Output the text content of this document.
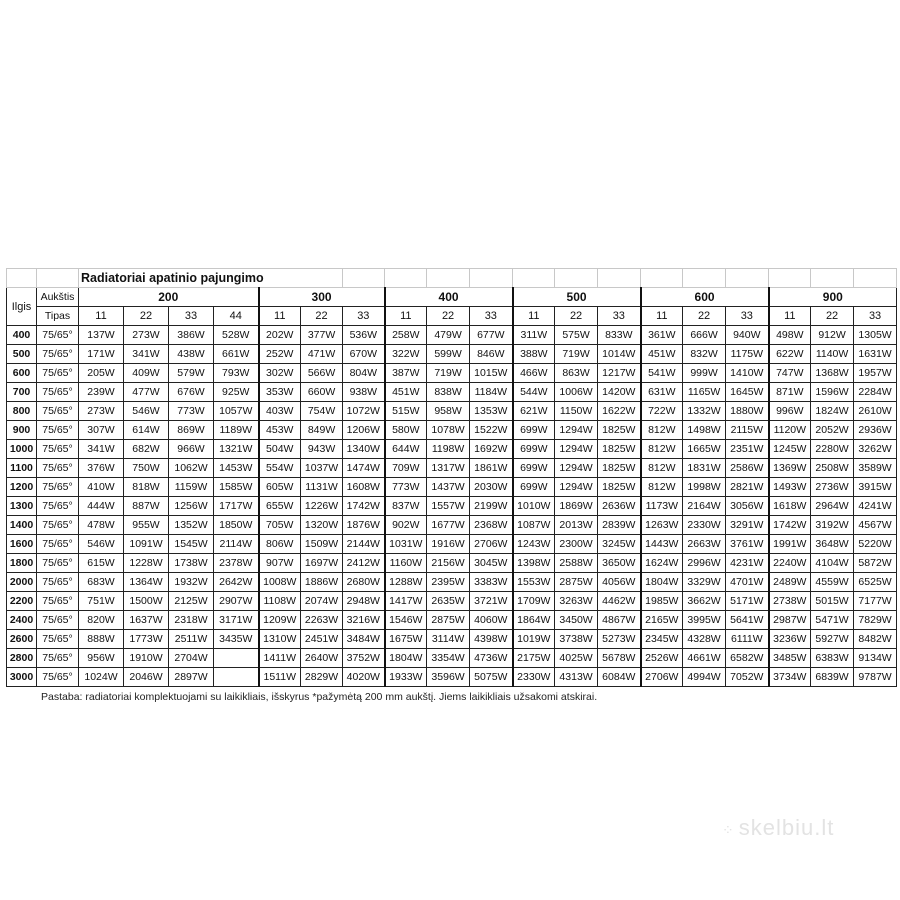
		Radiatoriai apatinio pajungimo																		
Ilgis	Aukštis	200				300			400			500			600			900		
	Tipas	11	22	33	44	11	22	33	11	22	33	11	22	33	11	22	33	11	22	33
400	75/65°	137W	273W	386W	528W	202W	377W	536W	258W	479W	677W	311W	575W	833W	361W	666W	940W	498W	912W	1305W
500	75/65°	171W	341W	438W	661W	252W	471W	670W	322W	599W	846W	388W	719W	1014W	451W	832W	1175W	622W	1140W	1631W
600	75/65°	205W	409W	579W	793W	302W	566W	804W	387W	719W	1015W	466W	863W	1217W	541W	999W	1410W	747W	1368W	1957W
700	75/65°	239W	477W	676W	925W	353W	660W	938W	451W	838W	1184W	544W	1006W	1420W	631W	1165W	1645W	871W	1596W	2284W
800	75/65°	273W	546W	773W	1057W	403W	754W	1072W	515W	958W	1353W	621W	1150W	1622W	722W	1332W	1880W	996W	1824W	2610W
900	75/65°	307W	614W	869W	1189W	453W	849W	1206W	580W	1078W	1522W	699W	1294W	1825W	812W	1498W	2115W	1120W	2052W	2936W
1000	75/65°	341W	682W	966W	1321W	504W	943W	1340W	644W	1198W	1692W	699W	1294W	1825W	812W	1665W	2351W	1245W	2280W	3262W
1100	75/65°	376W	750W	1062W	1453W	554W	1037W	1474W	709W	1317W	1861W	699W	1294W	1825W	812W	1831W	2586W	1369W	2508W	3589W
1200	75/65°	410W	818W	1159W	1585W	605W	1131W	1608W	773W	1437W	2030W	699W	1294W	1825W	812W	1998W	2821W	1493W	2736W	3915W
1300	75/65°	444W	887W	1256W	1717W	655W	1226W	1742W	837W	1557W	2199W	1010W	1869W	2636W	1173W	2164W	3056W	1618W	2964W	4241W
1400	75/65°	478W	955W	1352W	1850W	705W	1320W	1876W	902W	1677W	2368W	1087W	2013W	2839W	1263W	2330W	3291W	1742W	3192W	4567W
1600	75/65°	546W	1091W	1545W	2114W	806W	1509W	2144W	1031W	1916W	2706W	1243W	2300W	3245W	1443W	2663W	3761W	1991W	3648W	5220W
1800	75/65°	615W	1228W	1738W	2378W	907W	1697W	2412W	1160W	2156W	3045W	1398W	2588W	3650W	1624W	2996W	4231W	2240W	4104W	5872W
2000	75/65°	683W	1364W	1932W	2642W	1008W	1886W	2680W	1288W	2395W	3383W	1553W	2875W	4056W	1804W	3329W	4701W	2489W	4559W	6525W
2200	75/65°	751W	1500W	2125W	2907W	1108W	2074W	2948W	1417W	2635W	3721W	1709W	3263W	4462W	1985W	3662W	5171W	2738W	5015W	7177W
2400	75/65°	820W	1637W	2318W	3171W	1209W	2263W	3216W	1546W	2875W	4060W	1864W	3450W	4867W	2165W	3995W	5641W	2987W	5471W	7829W
2600	75/65°	888W	1773W	2511W	3435W	1310W	2451W	3484W	1675W	3114W	4398W	1019W	3738W	5273W	2345W	4328W	6111W	3236W	5927W	8482W
2800	75/65°	956W	1910W	2704W		1411W	2640W	3752W	1804W	3354W	4736W	2175W	4025W	5678W	2526W	4661W	6582W	3485W	6383W	9134W
3000	75/65°	1024W	2046W	2897W		1511W	2829W	4020W	1933W	3596W	5075W	2330W	4313W	6084W	2706W	4994W	7052W	3734W	6839W	9787W
Pastaba: radiatoriai komplektuojami su laikikliais, išskyrus *pažymėtą 200 mm aukštį. Jiems laikikliais užsakomi atskirai.
⁘ skelbiu.lt
